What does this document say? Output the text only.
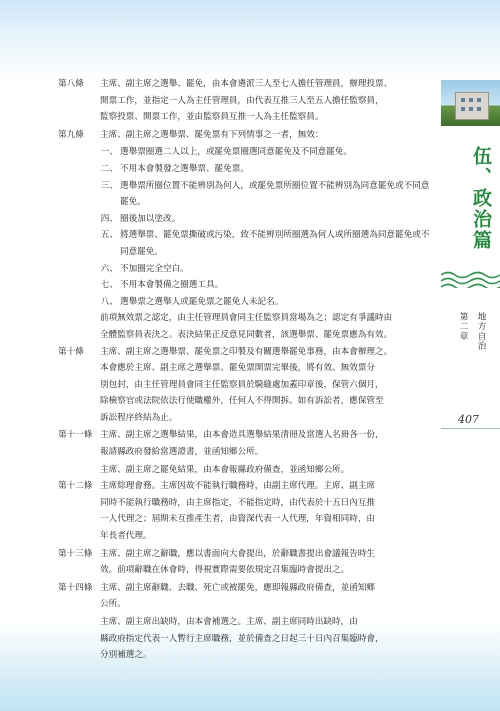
第八條	主席、副主席之選舉、罷免，由本會遴派三人至七人擔任管理員，辦理投票、
開票工作，並指定一人為主任管理員，由代表互推三人至五人擔任監察員，
監察投票、開票工作，並由監察員互推一人為主任監察員。
第九條	主席、副主席之選舉票、罷免票有下列情事之一者，無效：
一、 選舉票圈選二人以上，或罷免票圈選同意罷免及不同意罷免。
二、 不用本會製發之選舉票、罷免票。
三、 選舉票所圈位置不能辨別為何人，或罷免票所圈位置不能辨別為同意罷免或不同意罷免。
四、 圈後加以塗改。
五、 將選舉票、罷免票撕破或污染，致不能辨別所圈選為何人或所圈選為同意罷免或不同意罷免。
六、 不加圈完全空白。
七、 不用本會製備之圈選工具。
八、 選舉票之選舉人或罷免票之罷免人未記名。
前項無效票之認定，由主任管理員會同主任監察員當場為之；認定有爭議時由
全體監察員表決之。表決結果正反意見同數者，該選舉票、罷免票應為有效。
第十條	主席、副主席之選舉票、罷免票之印製及有關選舉罷免事務，由本會辦理之。
本會應於主席、副主席之選舉票、罷免票開票完畢後，將有效、無效票分
別包封，由主任管理員會同主任監察員於騎縫處加蓋印章後，保管六個月，
除檢察官或法院依法行使職權外，任何人不得開拆。如有訴訟者，應保管至
訴訟程序終結為止。
第十一條 主席、副主席之選舉結果，由本會造具選舉結果清冊及當選人名冊各一份，
報請縣政府發給當選證書，並函知鄉公所。
主席、副主席之罷免結果，由本會報縣政府備查，並函知鄉公所。
第十二條 主席綜理會務。主席因故不能執行職務時，由副主席代理。主席、副主席
同時不能執行職務時，由主席指定，不能指定時，由代表於十五日內互推
一人代理之；屆期未互推產生者，由資深代表一人代理，年資相同時，由
年長者代理。
第十三條 主席、副主席之辭職，應以書面向大會提出，於辭職書提出會議報告時生
效。前項辭職在休會時，得視實際需要依規定召集臨時會提出之。
第十四條 主席、副主席辭職、去職、死亡或被罷免，應即報縣政府備查，並函知鄉
公所。
主席、副主席出缺時，由本會補選之。主席、副主席同時出缺時，由
縣政府指定代表一人暫行主席職務，並於備查之日起三十日內召集臨時會，
分別補選之。
伍、政治篇
第二章 地方自治
407
